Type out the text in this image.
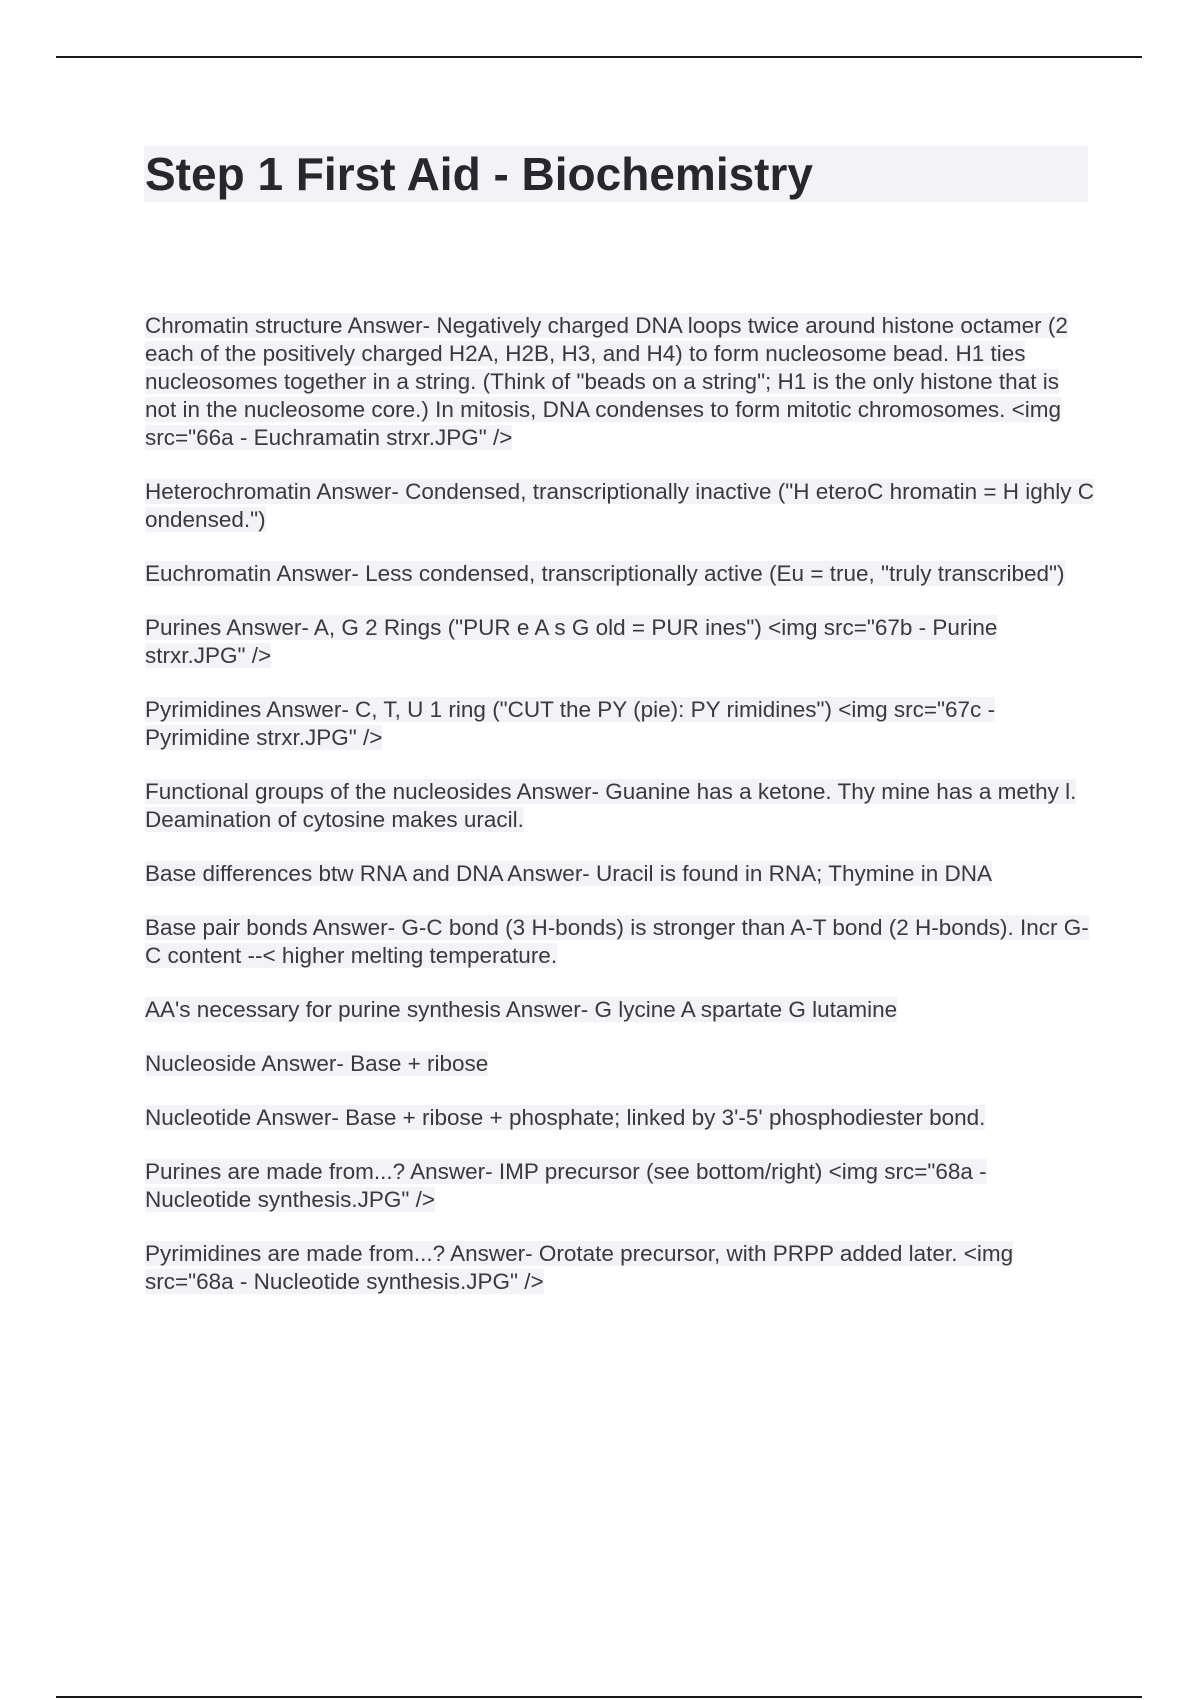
Step 1 First Aid - Biochemistry

Chromatin structure Answer- Negatively charged DNA loops twice around histone octamer (2 each of the positively charged H2A, H2B, H3, and H4) to form nucleosome bead. H1 ties nucleosomes together in a string. (Think of "beads on a string"; H1 is the only histone that is not in the nucleosome core.) In mitosis, DNA condenses to form mitotic chromosomes. <img src="66a - Euchramatin strxr.JPG" />

Heterochromatin Answer- Condensed, transcriptionally inactive ("H eteroC hromatin = H ighly C ondensed.")

Euchromatin Answer- Less condensed, transcriptionally active (Eu = true, "truly transcribed")

Purines Answer- A, G 2 Rings ("PUR e A s G old = PUR ines") <img src="67b - Purine strxr.JPG" />

Pyrimidines Answer- C, T, U 1 ring ("CUT the PY (pie): PY rimidines") <img src="67c - Pyrimidine strxr.JPG" />

Functional groups of the nucleosides Answer- Guanine has a ketone. Thy mine has a methy l. Deamination of cytosine makes uracil.

Base differences btw RNA and DNA Answer- Uracil is found in RNA; Thymine in DNA

Base pair bonds Answer- G-C bond (3 H-bonds) is stronger than A-T bond (2 H-bonds). Incr G-C content --< higher melting temperature.

AA's necessary for purine synthesis Answer- G lycine A spartate G lutamine

Nucleoside Answer- Base + ribose

Nucleotide Answer- Base + ribose + phosphate; linked by 3'-5' phosphodiester bond.

Purines are made from...? Answer- IMP precursor (see bottom/right) <img src="68a - Nucleotide synthesis.JPG" />

Pyrimidines are made from...? Answer- Orotate precursor, with PRPP added later. <img src="68a - Nucleotide synthesis.JPG" />
